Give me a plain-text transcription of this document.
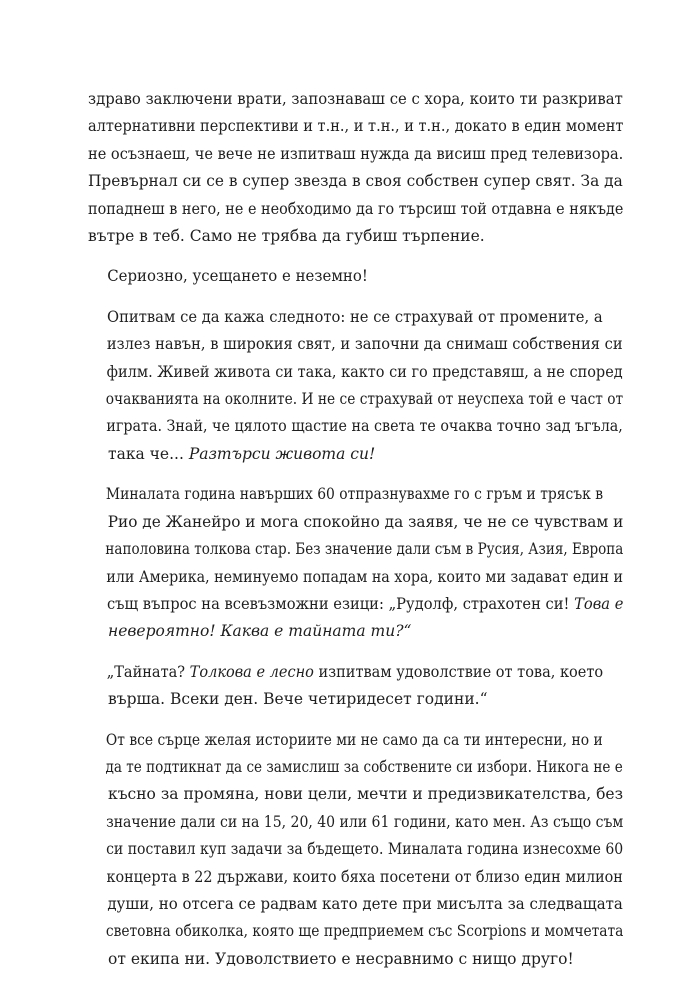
здраво заключени врати, запознаваш се с хора, които ти разкриват
алтернативни перспективи и т.н., и т.н., и т.н., докато в един момент
не осъзнаеш, че вече не изпитваш нужда да висиш пред телевизора.
Превърнал си се в супер звезда в своя собствен супер свят. За да
попаднеш в него, не е необходимо да го търсиш той отдавна е някъде
вътре в теб. Само не трябва да губиш търпение.
Сериозно, усещането е неземно!
Опитвам се да кажа следното: не се страхувай от промените, а
излез навън, в широкия свят, и започни да снимаш собствения си
филм. Живей живота си така, както си го представяш, а не според
очакванията на околните. И не се страхувай от неуспеха той е част от
играта. Знай, че цялото щастие на света те очаква точно зад ъгъла,
така че... Разтърси живота си!
Миналата година навърших 60 отпразнувахме го с гръм и трясък в
Рио де Жанейро и мога спокойно да заявя, че не се чувствам и
наполовина толкова стар. Без значение дали съм в Русия, Азия, Европа
или Америка, неминуемо попадам на хора, които ми задават един и
същ въпрос на всевъзможни езици: „Рудолф, страхотен си! Това е
невероятно! Каква е тайната ти?“
„Тайната? Толкова е лесно изпитвам удоволствие от това, което
върша. Всеки ден. Вече четиридесет години.“
От все сърце желая историите ми не само да са ти интересни, но и
да те подтикнат да се замислиш за собствените си избори. Никога не е
късно за промяна, нови цели, мечти и предизвикателства, без
значение дали си на 15, 20, 40 или 61 години, като мен. Аз също съм
си поставил куп задачи за бъдещето. Миналата година изнесохме 60
концерта в 22 държави, които бяха посетени от близо един милион
души, но отсега се радвам като дете при мисълта за следващата
световна обиколка, която ще предприемем със Scorpions и момчетата
от екипа ни. Удоволствието е несравнимо с нищо друго!
